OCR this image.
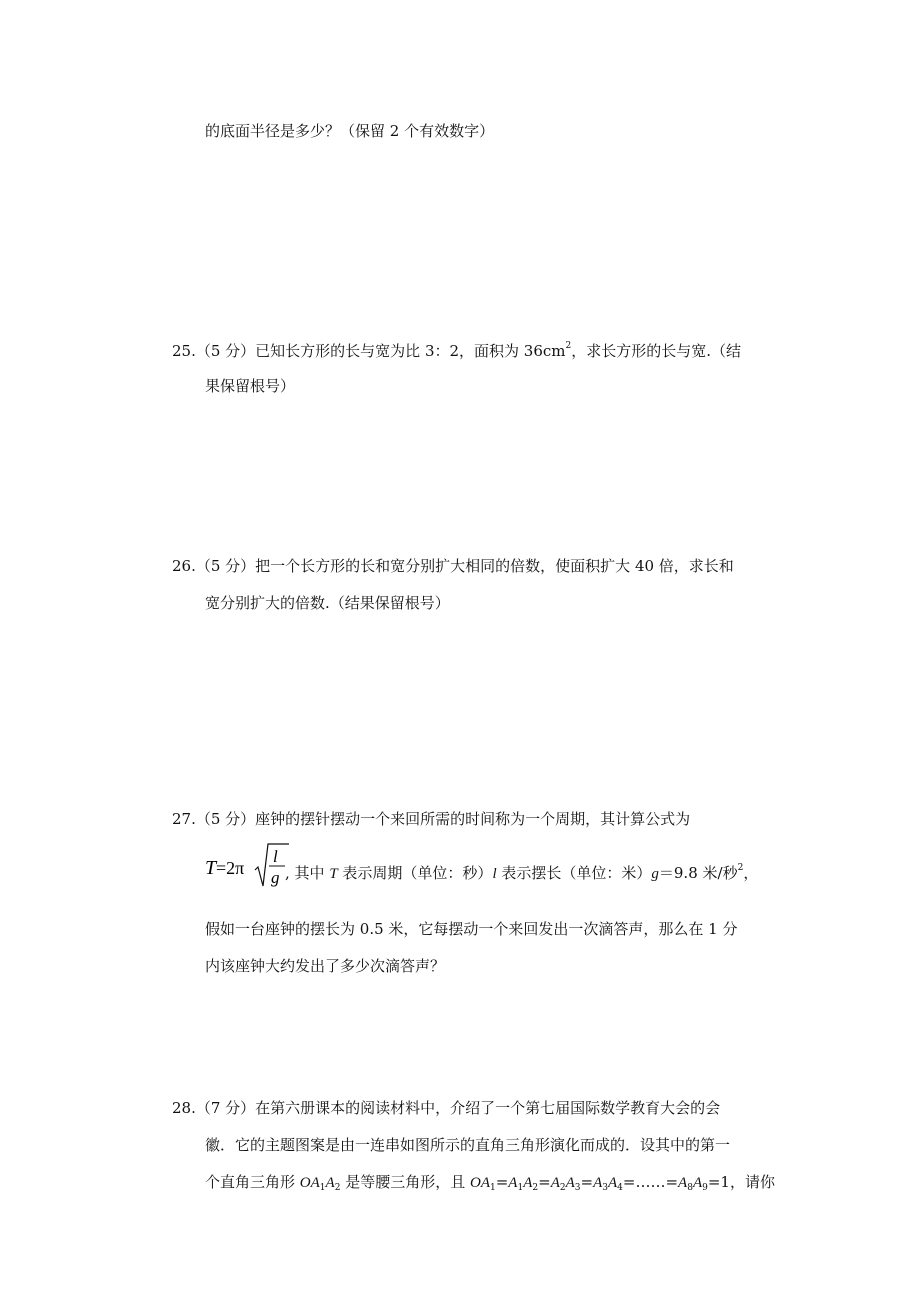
的底面半径是多少？（保留 2 个有效数字）
25.（5 分）已知长方形的长与宽为比 3：2，面积为 $36cm^2$，求长方形的长与宽.（结
果保留根号）
26.（5 分）把一个长方形的长和宽分别扩大相同的倍数，使面积扩大 40 倍，求长和
宽分别扩大的倍数.（结果保留根号）
27.（5 分）座钟的摆针摆动一个来回所需的时间称为一个周期，其计算公式为
T =2π
l
g , 其中 T 表示周期（单位：秒）l 表示摆长（单位：米）g＝9.8 米/秒$^2$，
假如一台座钟的摆长为 0.5 米，它每摆动一个来回发出一次滴答声，那么在 1 分
内该座钟大约发出了多少次滴答声？
28.（7 分）在第六册课本的阅读材料中，介绍了一个第七届国际数学教育大会的会
徽．它的主题图案是由一连串如图所示的直角三角形演化而成的．设其中的第一
个直角三角形 $OA_1A_2$ 是等腰三角形，且 $OA_1=A_1A_2=A_2A_3=A_3A_4=\dots\dots=A_8A_9=1$，请你
